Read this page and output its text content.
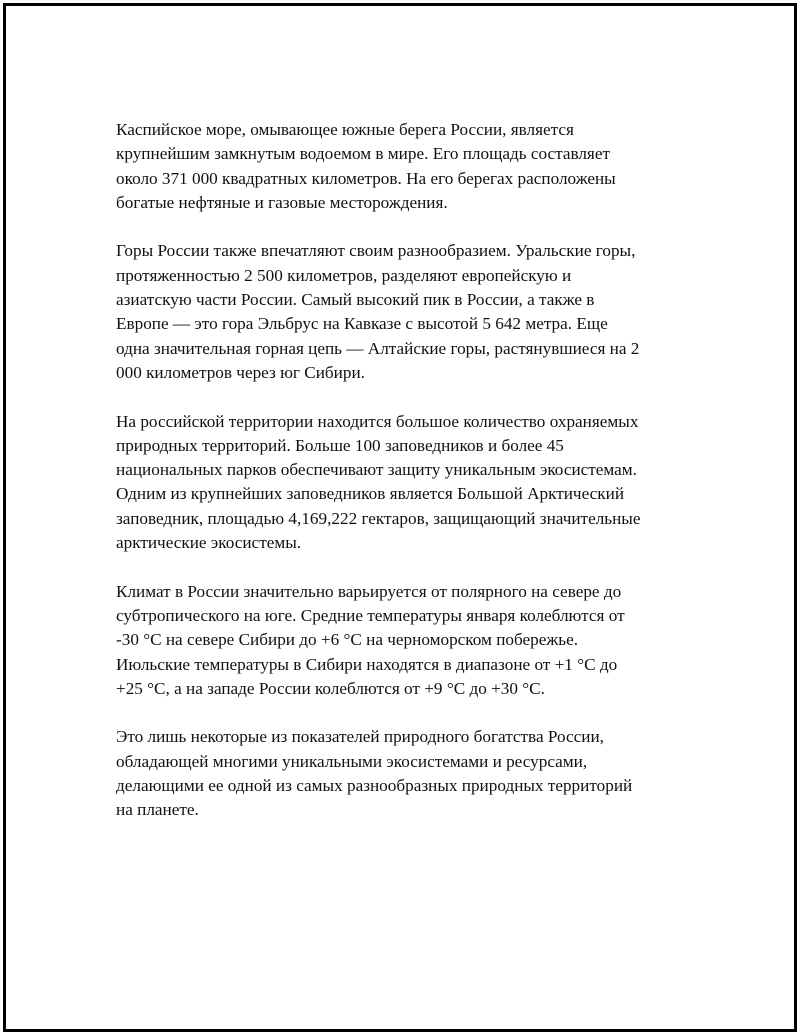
Каспийское море, омывающее южные берега России, является
крупнейшим замкнутым водоемом в мире. Его площадь составляет
около 371 000 квадратных километров. На его берегах расположены
богатые нефтяные и газовые месторождения.

Горы России также впечатляют своим разнообразием. Уральские горы,
протяженностью 2 500 километров, разделяют европейскую и
азиатскую части России. Самый высокий пик в России, а также в
Европе — это гора Эльбрус на Кавказе с высотой 5 642 метра. Еще
одна значительная горная цепь — Алтайские горы, растянувшиеся на 2
000 километров через юг Сибири.

На российской территории находится большое количество охраняемых
природных территорий. Больше 100 заповедников и более 45
национальных парков обеспечивают защиту уникальным экосистемам.
Одним из крупнейших заповедников является Большой Арктический
заповедник, площадью 4,169,222 гектаров, защищающий значительные
арктические экосистемы.

Климат в России значительно варьируется от полярного на севере до
субтропического на юге. Средние температуры января колеблются от
-30 °C на севере Сибири до +6 °C на черноморском побережье.
Июльские температуры в Сибири находятся в диапазоне от +1 °C до
+25 °C, а на западе России колеблются от +9 °C до +30 °C.

Это лишь некоторые из показателей природного богатства России,
обладающей многими уникальными экосистемами и ресурсами,
делающими ее одной из самых разнообразных природных территорий
на планете.
